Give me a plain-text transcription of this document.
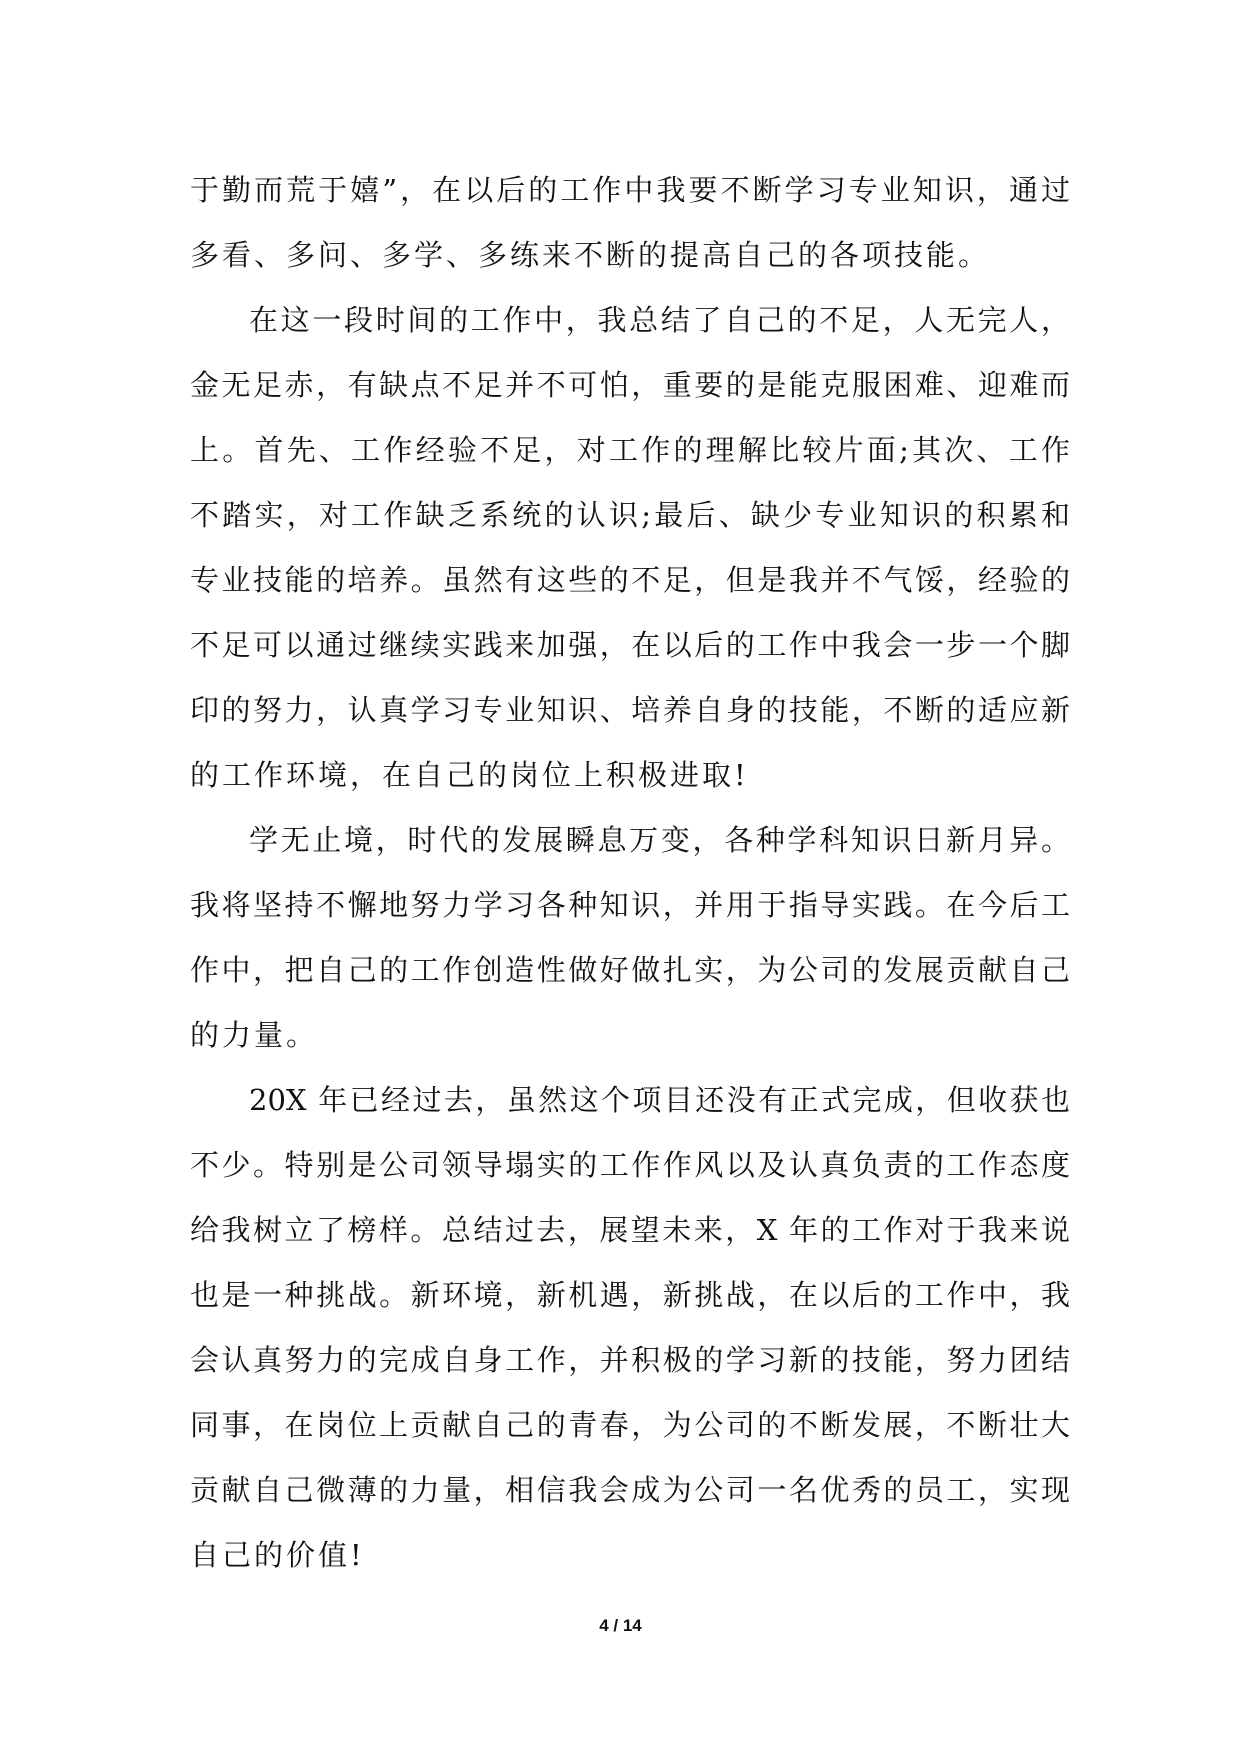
于勤而荒于嬉”，在以后的工作中我要不断学习专业知识，通过
多看、多问、多学、多练来不断的提高自己的各项技能。
在这一段时间的工作中，我总结了自己的不足，人无完人，
金无足赤，有缺点不足并不可怕，重要的是能克服困难、迎难而
上。首先、工作经验不足，对工作的理解比较片面;其次、工作
不踏实，对工作缺乏系统的认识;最后、缺少专业知识的积累和
专业技能的培养。虽然有这些的不足，但是我并不气馁，经验的
不足可以通过继续实践来加强，在以后的工作中我会一步一个脚
印的努力，认真学习专业知识、培养自身的技能，不断的适应新
的工作环境，在自己的岗位上积极进取!
学无止境，时代的发展瞬息万变，各种学科知识日新月异。
我将坚持不懈地努力学习各种知识，并用于指导实践。在今后工
作中，把自己的工作创造性做好做扎实，为公司的发展贡献自己
的力量。
20X 年已经过去，虽然这个项目还没有正式完成，但收获也
不少。特别是公司领导塌实的工作作风以及认真负责的工作态度
给我树立了榜样。总结过去，展望未来，X 年的工作对于我来说
也是一种挑战。新环境，新机遇，新挑战，在以后的工作中，我
会认真努力的完成自身工作，并积极的学习新的技能，努力团结
同事，在岗位上贡献自己的青春，为公司的不断发展，不断壮大
贡献自己微薄的力量，相信我会成为公司一名优秀的员工，实现
自己的价值!
4 / 14
